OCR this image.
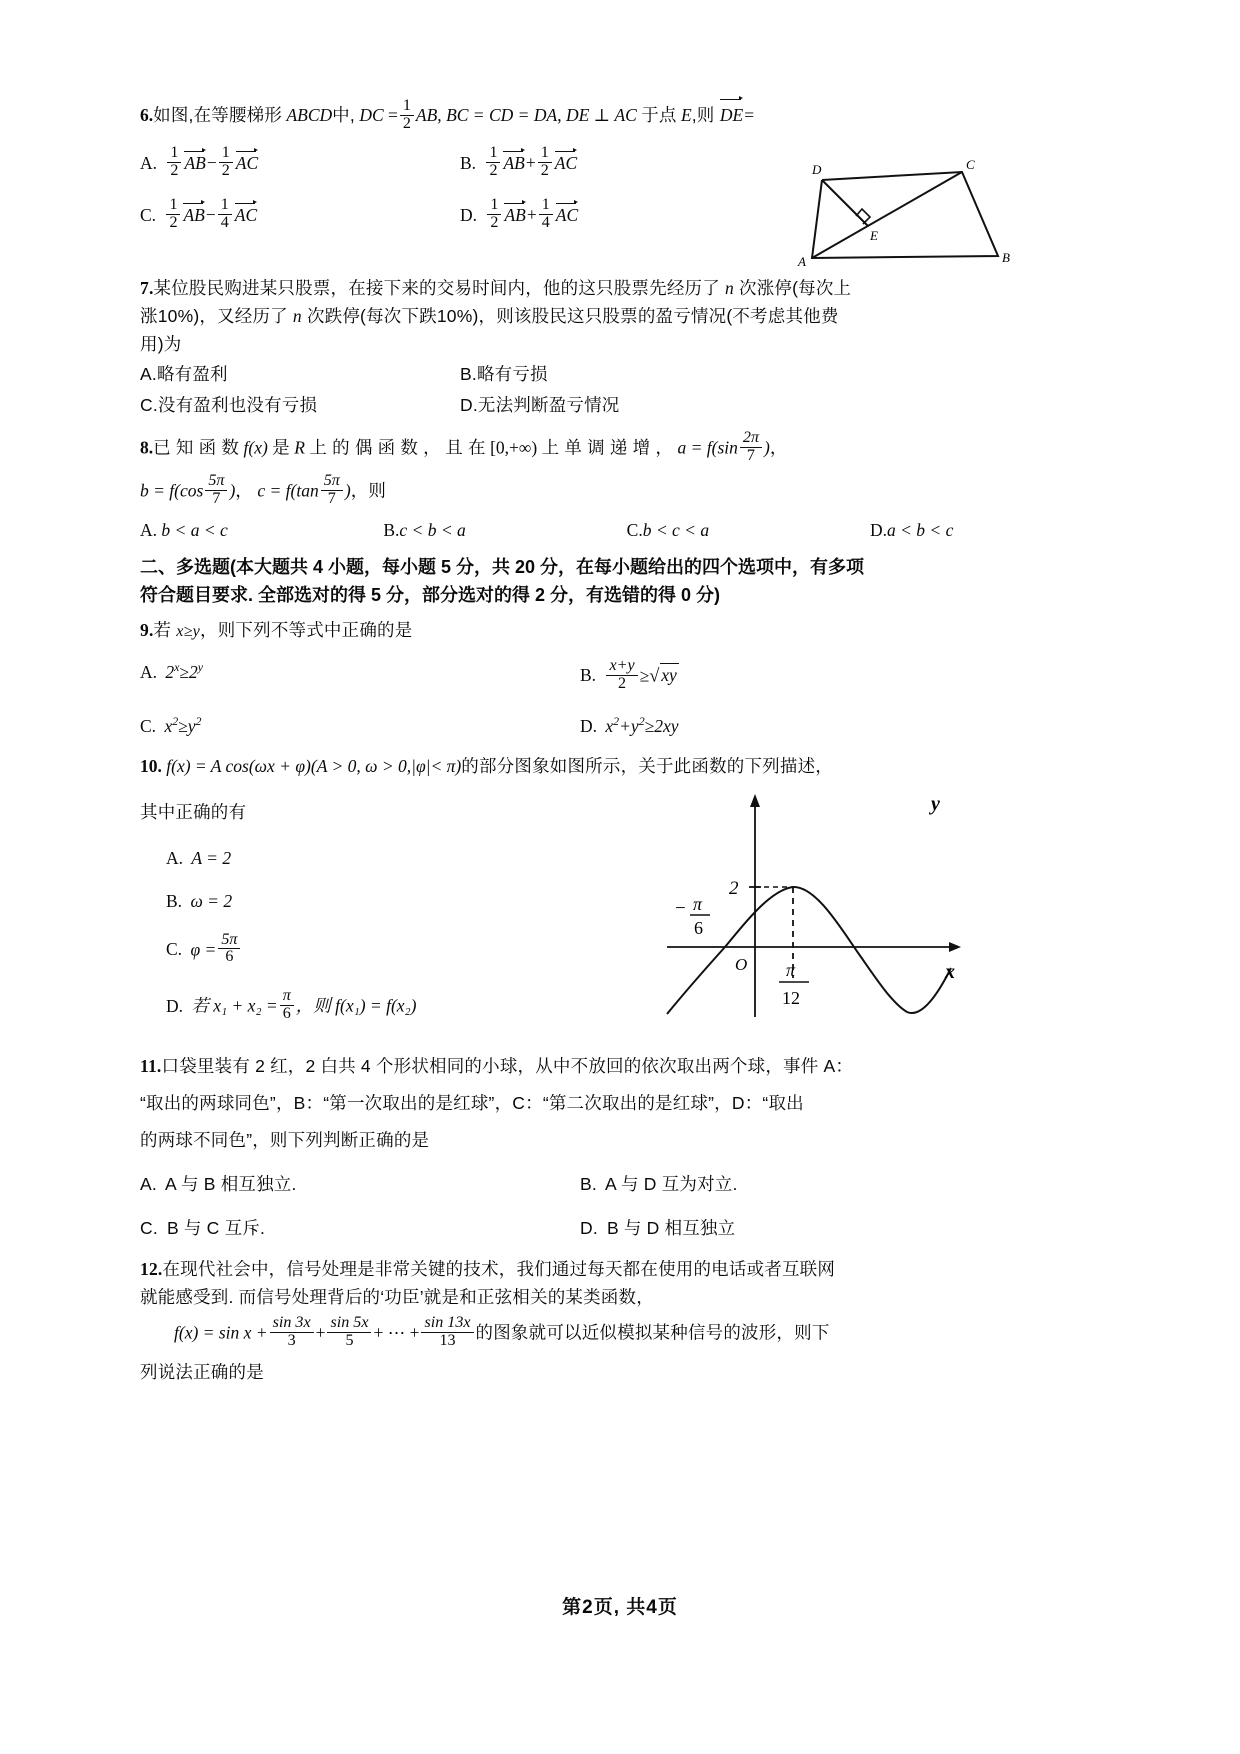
6.如图,在等腰梯形 ABCD中, DC = $\frac{1}{2}$ AB, BC = CD = DA, DE ⊥ AC 于点 E,则 DE=
A. $\frac{1}{2} AB- \frac{1}{2}$ AC	B. $\frac{1}{2} AB+ \frac{1}{2}$ AC
C. $\frac{1}{2} AB- \frac{1}{4}$ AC	D. $\frac{1}{2} AB+ \frac{1}{4}$ AC
D	C
A	B
E
7.某位股民购进某只股票，在接下来的交易时间内，他的这只股票先经历了 n 次涨停(每次上
涨10%)，又经历了 n 次跌停(每次下跌10%)，则该股民这只股票的盈亏情况(不考虑其他费
用)为
A.略有盈利	B.略有亏损
C.没有盈利也没有亏损	D.无法判断盈亏情况
8.已 知 函 数 f(x) 是 R 上 的 偶 函 数 ， 且 在 [0,+∞) 上 单 调 递 增 ， $a = f(\sin \frac{2\pi}{7}$ )，
$b = f(\cos \frac{5\pi}{7}$ )， $c = f(\tan \frac{5\pi}{7}$ )，则
A. b < a < c	B.c < b < a	C.b < c < a	D.a < b < c
二、多选题(本大题共 4 小题，每小题 5 分，共 20 分，在每小题给出的四个选项中，有多项
符合题目要求. 全部选对的得 5 分，部分选对的得 2 分，有选错的得 0 分)
9.若 x≥y，则下列不等式中正确的是
A. $2^x\ge 2^y$	B. $\frac{x+y}{2}$ ≥√ xy
C. $x^2\ge y^2$	D. $x^2+y^2\ge 2xy$
10. f(x) = A cos(ωx + φ)(A > 0, ω > 0,|φ|< π)的部分图象如图所示，关于此函数的下列描述，
其中正确的有
A. A = 2
B. ω = 2
C. $\varphi = \frac{5\pi}{6}$
D. 若 $x_1 + x_2 = \frac{\pi}{6}$ ，则 f(x₁) = f(x₂)
2
y
x
O
− π
6
π
12
11.口袋里装有 2 红，2 白共 4 个形状相同的小球，从中不放回的依次取出两个球，事件 A：
“取出的两球同色”，B：“第一次取出的是红球”，C：“第二次取出的是红球”，D：“取出
的两球不同色”，则下列判断正确的是
A. A 与 B 相互独立.	B. A 与 D 互为对立.
C. B 与 C 互斥.	D. B 与 D 相互独立
12.在现代社会中，信号处理是非常关键的技术，我们通过每天都在使用的电话或者互联网
就能感受到. 而信号处理背后的‘功臣’就是和正弦相关的某类函数，
$f(x) = \sin x + \frac{\sin 3x}{3} + \frac{\sin 5x}{5}$ + ⋯ + $\frac{\sin 13x}{13}$ 的图象就可以近似模拟某种信号的波形，则下
列说法正确的是
第2页, 共4页
